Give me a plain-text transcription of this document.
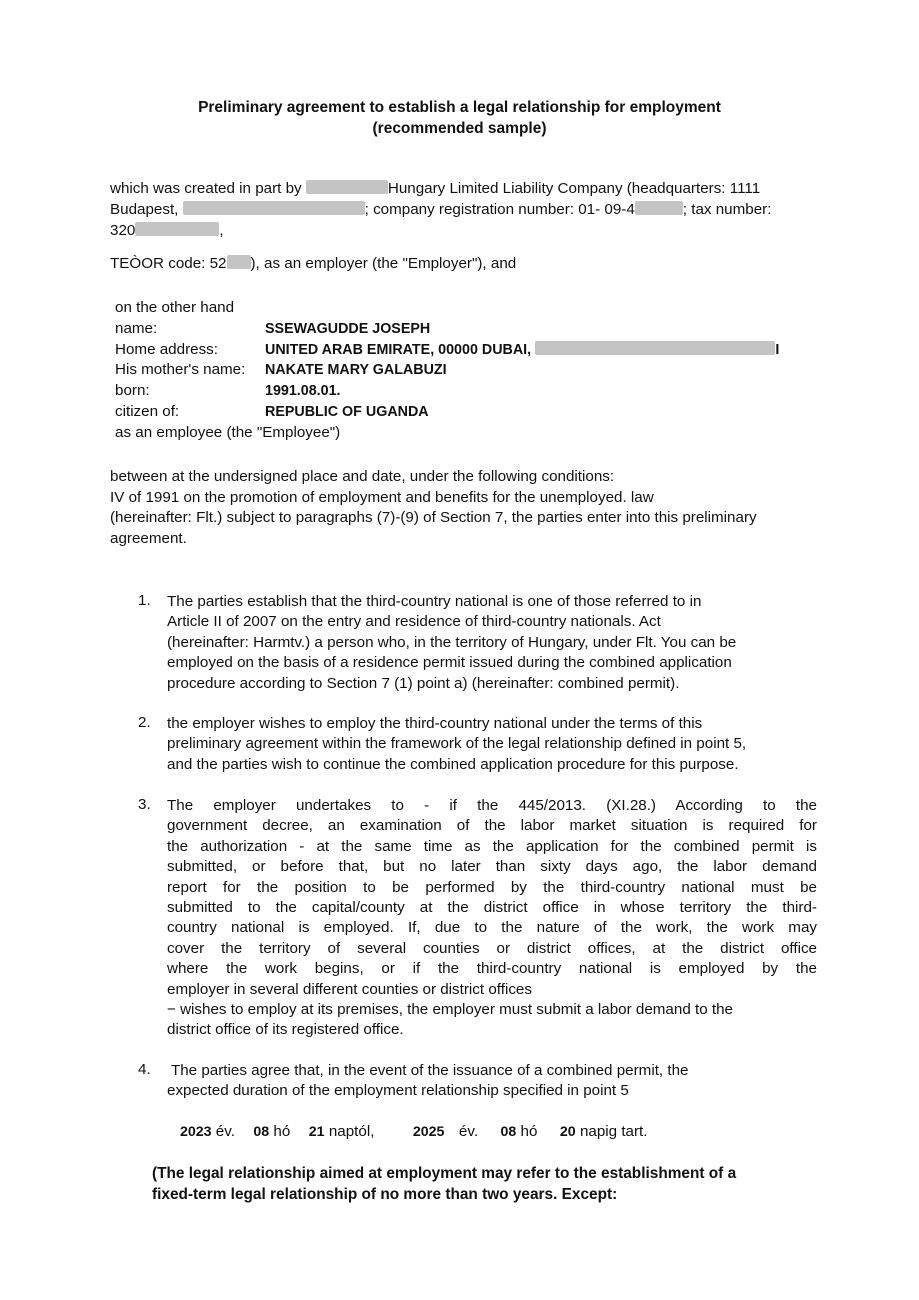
Preliminary agreement to establish a legal relationship for employment
(recommended sample)
which was created in part by	Hungary Limited Liability Company (headquarters: 1111
Budapest,	; company registration number: 01- 09-4	; tax number:
320	,
TEÒOR code: 52 ), as an employer (the "Employer"), and
on the other hand
name:	SSEWAGUDDE JOSEPH
Home address:	UNITED ARAB EMIRATE, 00000 DUBAI,	I
His mother's name: NAKATE MARY GALABUZI
born:	1991.08.01.
citizen of:	REPUBLIC OF UGANDA
as an employee (the "Employee")
between at the undersigned place and date, under the following conditions:
IV of 1991 on the promotion of employment and benefits for the unemployed. law
(hereinafter: Flt.) subject to paragraphs (7)-(9) of Section 7, the parties enter into this preliminary
agreement.
1. The parties establish that the third-country national is one of those referred to in
Article II of 2007 on the entry and residence of third-country nationals. Act
(hereinafter: Harmtv.) a person who, in the territory of Hungary, under Flt. You can be
employed on the basis of a residence permit issued during the combined application
procedure according to Section 7 (1) point a) (hereinafter: combined permit).
2. the employer wishes to employ the third-country national under the terms of this
preliminary agreement within the framework of the legal relationship defined in point 5,
and the parties wish to continue the combined application procedure for this purpose.
3. The employer undertakes to - if the 445/2013. (XI.28.) According to the
government decree, an examination of the labor market situation is required for
the authorization - at the same time as the application for the combined permit is
submitted, or before that, but no later than sixty days ago, the labor demand
report for the position to be performed by the third-country national must be
submitted to the capital/county at the district office in whose territory the third-
country national is employed. If, due to the nature of the work, the work may
cover the territory of several counties or district offices, at the district office
where the work begins, or if the third-country national is employed by the
employer in several different counties or district offices
− wishes to employ at its premises, the employer must submit a labor demand to the
district office of its registered office.
4. The parties agree that, in the event of the issuance of a combined permit, the
expected duration of the employment relationship specified in point 5
2023 év. 08 hó 21 naptól,	2025 év. 08 hó 20 napig tart.
(The legal relationship aimed at employment may refer to the establishment of a
fixed-term legal relationship of no more than two years. Except:
